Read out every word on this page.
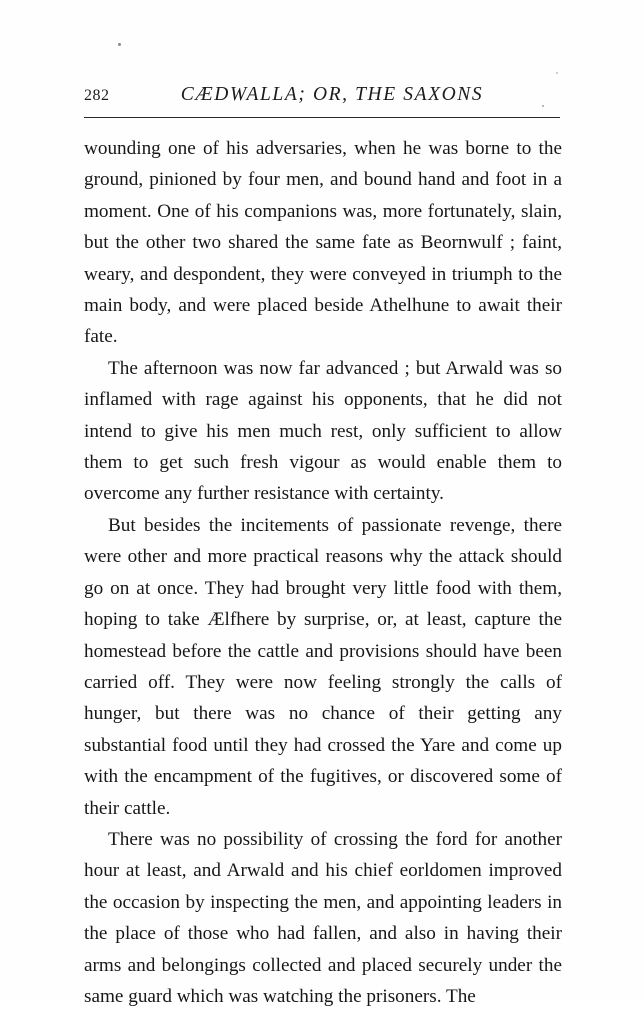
282	CÆDWALLA; OR, THE SAXONS

wounding one of his adversaries, when he was borne to the ground, pinioned by four men, and bound hand and foot in a moment. One of his companions was, more fortunately, slain, but the other two shared the same fate as Beornwulf ; faint, weary, and despondent, they were conveyed in triumph to the main body, and were placed beside Athelhune to await their fate.

The afternoon was now far advanced ; but Arwald was so inflamed with rage against his opponents, that he did not intend to give his men much rest, only sufficient to allow them to get such fresh vigour as would enable them to overcome any further resistance with certainty.

But besides the incitements of passionate revenge, there were other and more practical reasons why the attack should go on at once. They had brought very little food with them, hoping to take Ælfhere by surprise, or, at least, capture the homestead before the cattle and provisions should have been carried off. They were now feeling strongly the calls of hunger, but there was no chance of their getting any substantial food until they had crossed the Yare and come up with the encampment of the fugitives, or discovered some of their cattle.

There was no possibility of crossing the ford for another hour at least, and Arwald and his chief eorldomen improved the occasion by inspecting the men, and appointing leaders in the place of those who had fallen, and also in having their arms and belongings collected and placed securely under the same guard which was watching the prisoners. The
